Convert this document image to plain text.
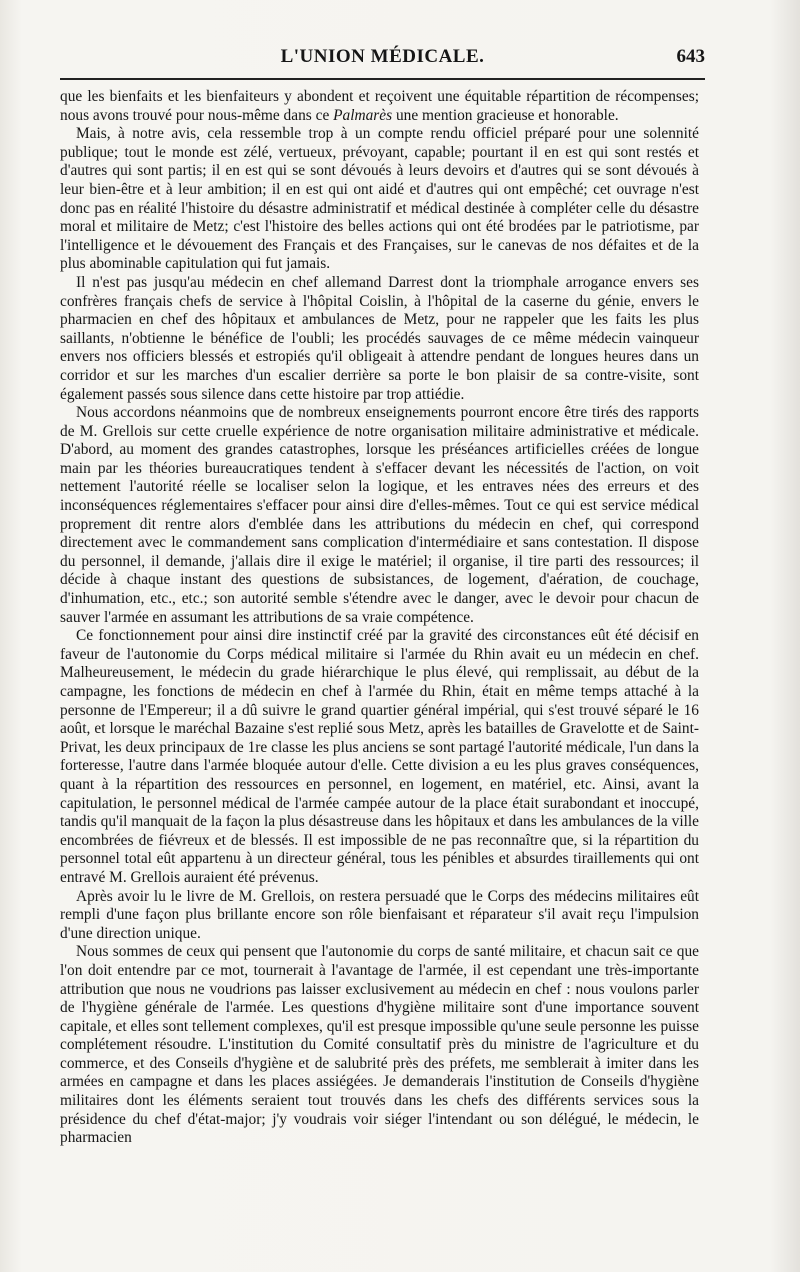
L'UNION MÉDICALE.	643

que les bienfaits et les bienfaiteurs y abondent et reçoivent une équitable répartition de récompenses; nous avons trouvé pour nous-même dans ce Palmarès une mention gracieuse et honorable.

Mais, à notre avis, cela ressemble trop à un compte rendu officiel préparé pour une solennité publique; tout le monde est zélé, vertueux, prévoyant, capable; pourtant il en est qui sont restés et d'autres qui sont partis; il en est qui se sont dévoués à leurs devoirs et d'autres qui se sont dévoués à leur bien-être et à leur ambition; il en est qui ont aidé et d'autres qui ont empêché; cet ouvrage n'est donc pas en réalité l'histoire du désastre administratif et médical destinée à compléter celle du désastre moral et militaire de Metz; c'est l'histoire des belles actions qui ont été brodées par le patriotisme, par l'intelligence et le dévouement des Français et des Françaises, sur le canevas de nos défaites et de la plus abominable capitulation qui fut jamais.

Il n'est pas jusqu'au médecin en chef allemand Darrest dont la triomphale arrogance envers ses confrères français chefs de service à l'hôpital Coislin, à l'hôpital de la caserne du génie, envers le pharmacien en chef des hôpitaux et ambulances de Metz, pour ne rappeler que les faits les plus saillants, n'obtienne le bénéfice de l'oubli; les procédés sauvages de ce même médecin vainqueur envers nos officiers blessés et estropiés qu'il obligeait à attendre pendant de longues heures dans un corridor et sur les marches d'un escalier derrière sa porte le bon plaisir de sa contre-visite, sont également passés sous silence dans cette histoire par trop attiédie.

Nous accordons néanmoins que de nombreux enseignements pourront encore être tirés des rapports de M. Grellois sur cette cruelle expérience de notre organisation militaire administrative et médicale. D'abord, au moment des grandes catastrophes, lorsque les préséances artificielles créées de longue main par les théories bureaucratiques tendent à s'effacer devant les nécessités de l'action, on voit nettement l'autorité réelle se localiser selon la logique, et les entraves nées des erreurs et des inconséquences réglementaires s'effacer pour ainsi dire d'elles-mêmes. Tout ce qui est service médical proprement dit rentre alors d'emblée dans les attributions du médecin en chef, qui correspond directement avec le commandement sans complication d'intermédiaire et sans contestation. Il dispose du personnel, il demande, j'allais dire il exige le matériel; il organise, il tire parti des ressources; il décide à chaque instant des questions de subsistances, de logement, d'aération, de couchage, d'inhumation, etc., etc.; son autorité semble s'étendre avec le danger, avec le devoir pour chacun de sauver l'armée en assumant les attributions de sa vraie compétence.

Ce fonctionnement pour ainsi dire instinctif créé par la gravité des circonstances eût été décisif en faveur de l'autonomie du Corps médical militaire si l'armée du Rhin avait eu un médecin en chef. Malheureusement, le médecin du grade hiérarchique le plus élevé, qui remplissait, au début de la campagne, les fonctions de médecin en chef à l'armée du Rhin, était en même temps attaché à la personne de l'Empereur; il a dû suivre le grand quartier général impérial, qui s'est trouvé séparé le 16 août, et lorsque le maréchal Bazaine s'est replié sous Metz, après les batailles de Gravelotte et de Saint-Privat, les deux principaux de 1re classe les plus anciens se sont partagé l'autorité médicale, l'un dans la forteresse, l'autre dans l'armée bloquée autour d'elle. Cette division a eu les plus graves conséquences, quant à la répartition des ressources en personnel, en logement, en matériel, etc. Ainsi, avant la capitulation, le personnel médical de l'armée campée autour de la place était surabondant et inoccupé, tandis qu'il manquait de la façon la plus désastreuse dans les hôpitaux et dans les ambulances de la ville encombrées de fiévreux et de blessés. Il est impossible de ne pas reconnaître que, si la répartition du personnel total eût appartenu à un directeur général, tous les pénibles et absurdes tiraillements qui ont entravé M. Grellois auraient été prévenus.

Après avoir lu le livre de M. Grellois, on restera persuadé que le Corps des médecins militaires eût rempli d'une façon plus brillante encore son rôle bienfaisant et réparateur s'il avait reçu l'impulsion d'une direction unique.

Nous sommes de ceux qui pensent que l'autonomie du corps de santé militaire, et chacun sait ce que l'on doit entendre par ce mot, tournerait à l'avantage de l'armée, il est cependant une très-importante attribution que nous ne voudrions pas laisser exclusivement au médecin en chef : nous voulons parler de l'hygiène générale de l'armée. Les questions d'hygiène militaire sont d'une importance souvent capitale, et elles sont tellement complexes, qu'il est presque impossible qu'une seule personne les puisse complétement résoudre. L'institution du Comité consultatif près du ministre de l'agriculture et du commerce, et des Conseils d'hygiène et de salubrité près des préfets, me semblerait à imiter dans les armées en campagne et dans les places assiégées. Je demanderais l'institution de Conseils d'hygiène militaires dont les éléments seraient tout trouvés dans les chefs des différents services sous la présidence du chef d'état-major; j'y voudrais voir siéger l'intendant ou son délégué, le médecin, le pharmacien
